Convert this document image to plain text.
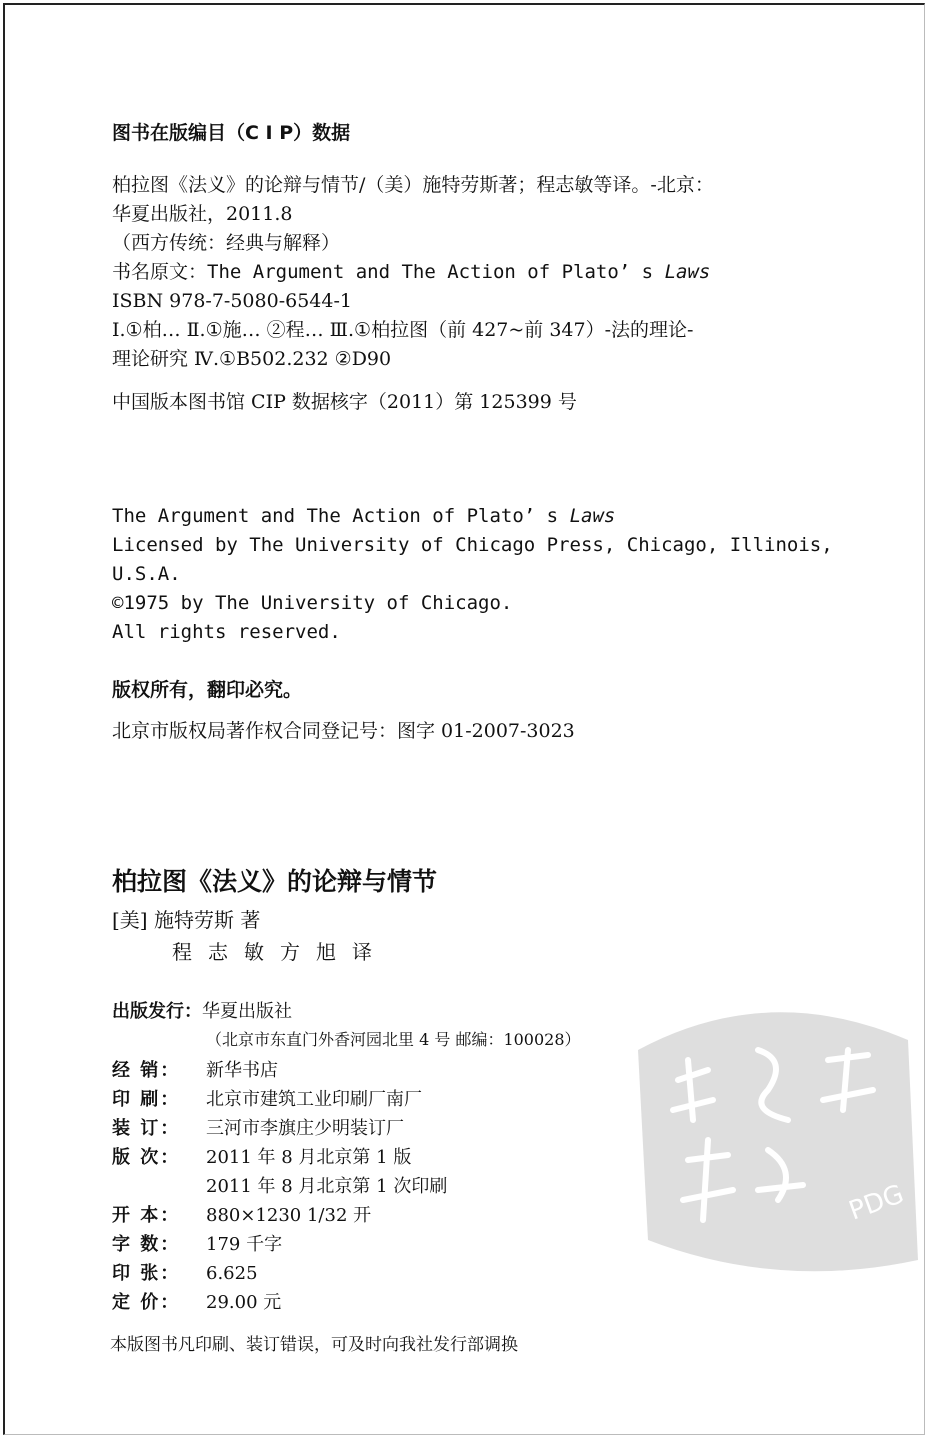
图书在版编目（C I P）数据
柏拉图《法义》的论辩与情节/（美）施特劳斯著；程志敏等译。-北京：
华夏出版社，2011.8
（西方传统：经典与解释）
书名原文：The Argument and The Action of Plato’ s Laws
ISBN 978-7-5080-6544-1
Ⅰ.①柏… Ⅱ.①施… ②程… Ⅲ.①柏拉图（前 427~前 347）-法的理论-
理论研究 Ⅳ.①B502.232 ②D90
中国版本图书馆 CIP 数据核字（2011）第 125399 号
The Argument and The Action of Plato’ s Laws
Licensed by The University of Chicago Press, Chicago, Illinois,
U.S.A.
©1975 by The University of Chicago.
All rights reserved.
版权所有，翻印必究。
北京市版权局著作权合同登记号：图字 01-2007-3023
柏拉图《法义》的论辩与情节
[美] 施特劳斯 著
程志敏方旭译
出版发行：华夏出版社
（北京市东直门外香河园北里 4 号 邮编：100028）
经 销：	新华书店
印 刷：	北京市建筑工业印刷厂南厂
装 订：	三河市李旗庄少明装订厂
版 次：	2011 年 8 月北京第 1 版
2011 年 8 月北京第 1 次印刷
开 本：	880×1230 1/32 开
字 数：	179 千字
印 张：	6.625
定 价：	29.00 元
本版图书凡印刷、装订错误，可及时向我社发行部调换
PDG
